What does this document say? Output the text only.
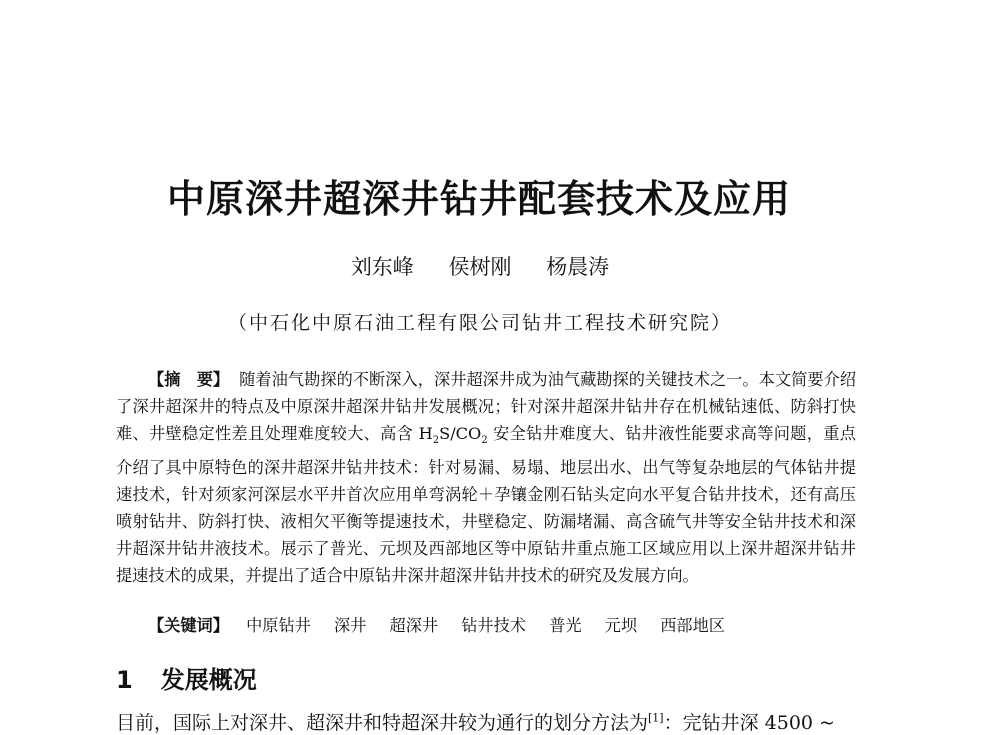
中原深井超深井钻井配套技术及应用
刘东峰 侯树刚 杨晨涛
（中石化中原石油工程有限公司钻井工程技术研究院）
【摘　要】 随着油气勘探的不断深入，深井超深井成为油气藏勘探的关键技术之一。本文简要介绍了深井超深井的特点及中原深井超深井钻井发展概况；针对深井超深井钻井存在机械钻速低、防斜打快难、井壁稳定性差且处理难度较大、高含 $H_2S/CO_2$ 安全钻井难度大、钻井液性能要求高等问题，重点介绍了具中原特色的深井超深井钻井技术：针对易漏、易塌、地层出水、出气等复杂地层的气体钻井提速技术，针对须家河深层水平井首次应用单弯涡轮＋孕镶金刚石钻头定向水平复合钻井技术，还有高压喷射钻井、防斜打快、液相欠平衡等提速技术，井壁稳定、防漏堵漏、高含硫气井等安全钻井技术和深井超深井钻井液技术。展示了普光、元坝及西部地区等中原钻井重点施工区域应用以上深井超深井钻井提速技术的成果，并提出了适合中原钻井深井超深井钻井技术的研究及发展方向。
【关键词】 中原钻井 深井 超深井 钻井技术 普光 元坝 西部地区
1 发展概况
目前，国际上对深井、超深井和特超深井较为通行的划分方法为[1]：完钻井深 4500 ~
